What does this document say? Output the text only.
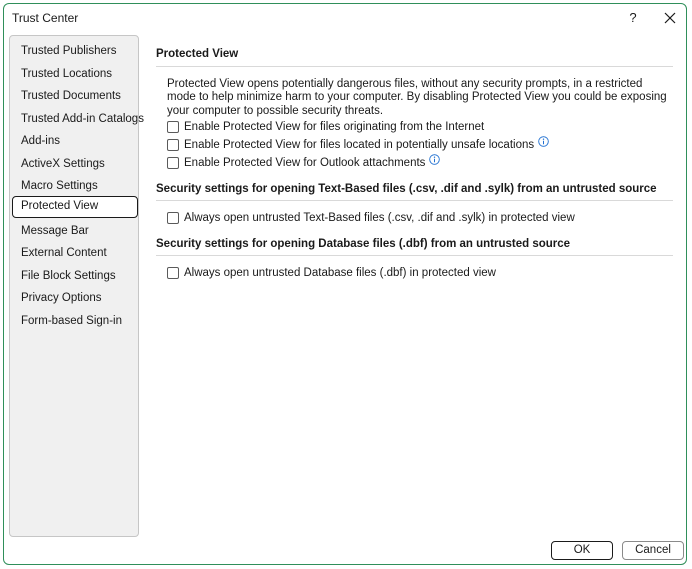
Trust Center	?
Trusted Publishers
Trusted Locations
Trusted Documents
Trusted Add-in Catalogs
Add-ins
ActiveX Settings
Macro Settings
Protected View
Message Bar
External Content
File Block Settings
Privacy Options
Form-based Sign-in
Protected View
Protected View opens potentially dangerous files, without any security prompts, in a restricted mode to help minimize harm to your computer. By disabling Protected View you could be exposing your computer to possible security threats.
Enable Protected View for files originating from the Internet
Enable Protected View for files located in potentially unsafe locations
Enable Protected View for Outlook attachments
Security settings for opening Text-Based files (.csv, .dif and .sylk) from an untrusted source
Always open untrusted Text-Based files (.csv, .dif and .sylk) in protected view
Security settings for opening Database files (.dbf) from an untrusted source
Always open untrusted Database files (.dbf) in protected view
OK	Cancel
